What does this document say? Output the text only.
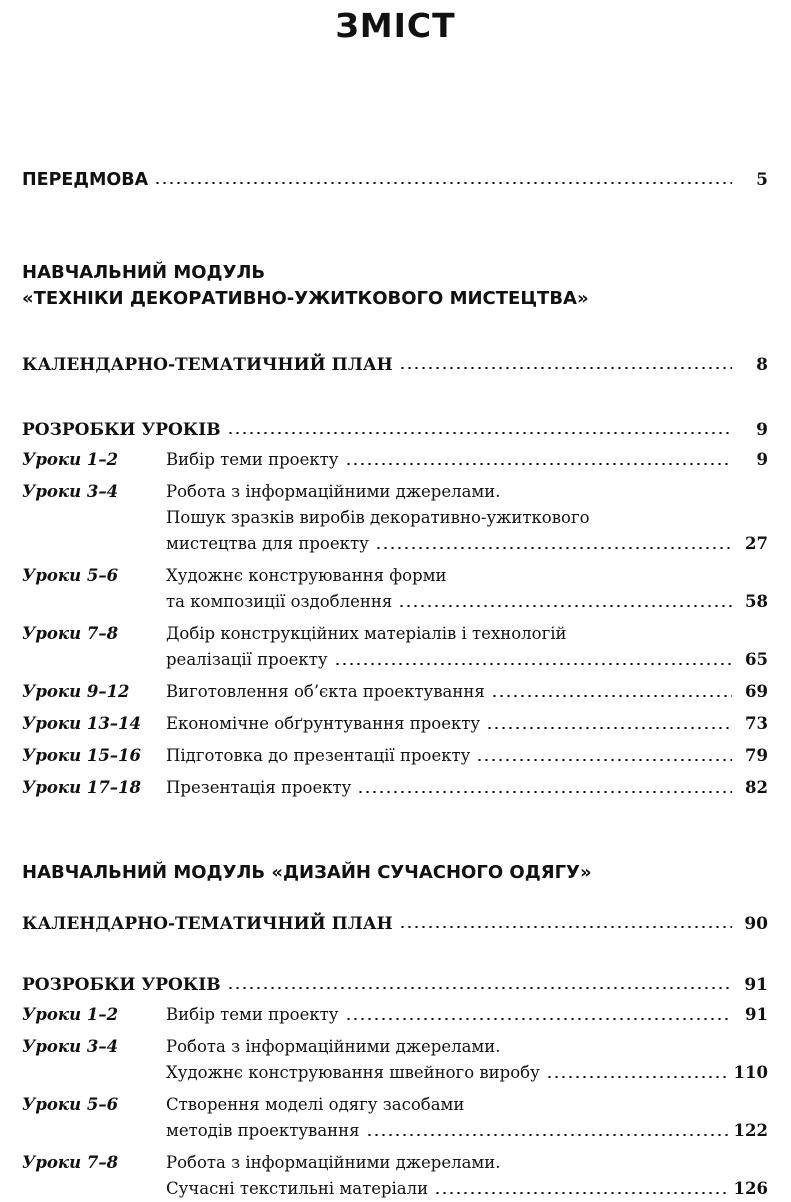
ЗМІСТ
ПЕРЕДМОВА	5
НАВЧАЛЬНИЙ МОДУЛЬ
«ТЕХНІКИ ДЕКОРАТИВНО-УЖИТКОВОГО МИСТЕЦТВА»
КАЛЕНДАРНО-ТЕМАТИЧНИЙ ПЛАН	8
РОЗРОБКИ УРОКІВ	9
Уроки 1–2	Вибір теми проекту	9
Уроки 3–4	Робота з інформаційними джерелами.
Пошук зразків виробів декоративно-ужиткового
мистецтва для проекту	27
Уроки 5–6	Художнє конструювання форми
та композиції оздоблення	58
Уроки 7–8	Добір конструкційних матеріалів і технологій
реалізації проекту	65
Уроки 9–12 Виготовлення об’єкта проектування	69
Уроки 13–14 Економічне обґрунтування проекту	73
Уроки 15–16 Підготовка до презентації проекту	79
Уроки 17–18 Презентація проекту	82
НАВЧАЛЬНИЙ МОДУЛЬ «ДИЗАЙН СУЧАСНОГО ОДЯГУ»
КАЛЕНДАРНО-ТЕМАТИЧНИЙ ПЛАН	90
РОЗРОБКИ УРОКІВ	91
Уроки 1–2	Вибір теми проекту	91
Уроки 3–4	Робота з інформаційними джерелами.
Художнє конструювання швейного виробу	110
Уроки 5–6	Створення моделі одягу засобами
методів проектування	122
Уроки 7–8	Робота з інформаційними джерелами.
Сучасні текстильні матеріали	126
